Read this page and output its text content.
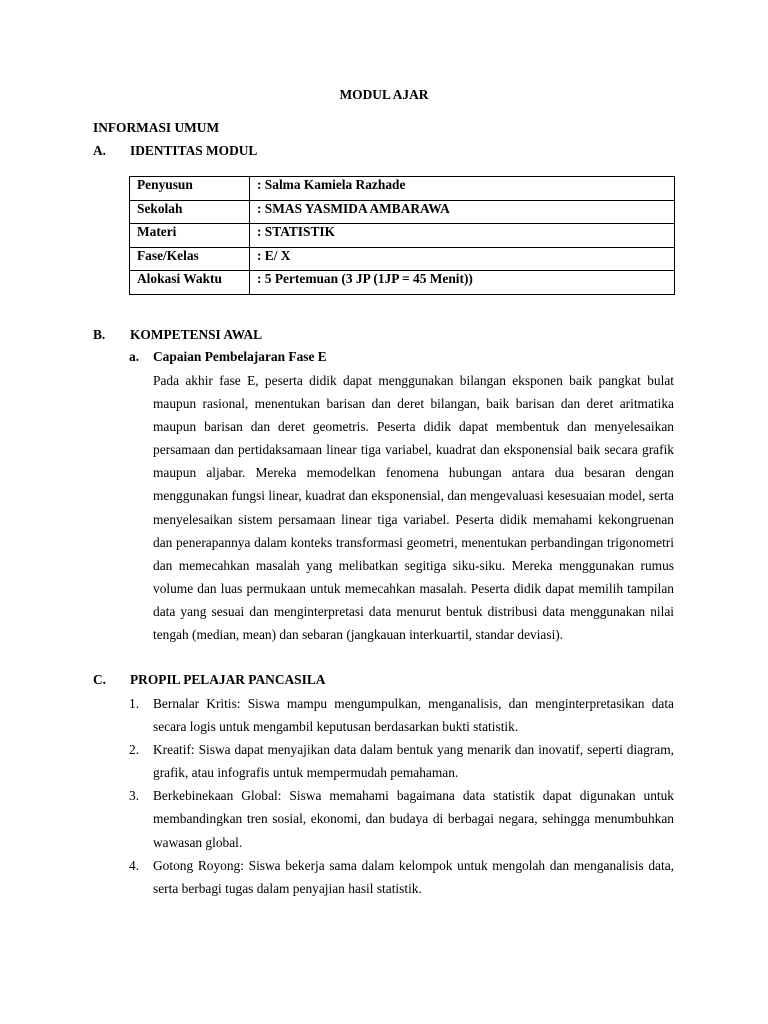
MODUL AJAR
INFORMASI UMUM
A. IDENTITAS MODUL
Penyusun	: Salma Kamiela Razhade
Sekolah	: SMAS YASMIDA AMBARAWA
Materi	: STATISTIK
Fase/Kelas	: E/ X
Alokasi Waktu	: 5 Pertemuan (3 JP (1JP = 45 Menit))
B. KOMPETENSI AWAL
a. Capaian Pembelajaran Fase E
Pada akhir fase E, peserta didik dapat menggunakan bilangan eksponen baik pangkat bulat maupun rasional, menentukan barisan dan deret bilangan, baik barisan dan deret aritmatika maupun barisan dan deret geometris. Peserta didik dapat membentuk dan menyelesaikan persamaan dan pertidaksamaan linear tiga variabel, kuadrat dan eksponensial baik secara grafik maupun aljabar. Mereka memodelkan fenomena hubungan antara dua besaran dengan menggunakan fungsi linear, kuadrat dan eksponensial, dan mengevaluasi kesesuaian model, serta menyelesaikan sistem persamaan linear tiga variabel. Peserta didik memahami kekongruenan dan penerapannya dalam konteks transformasi geometri, menentukan perbandingan trigonometri dan memecahkan masalah yang melibatkan segitiga siku-siku. Mereka menggunakan rumus volume dan luas permukaan untuk memecahkan masalah. Peserta didik dapat memilih tampilan data yang sesuai dan menginterpretasi data menurut bentuk distribusi data menggunakan nilai tengah (median, mean) dan sebaran (jangkauan interkuartil, standar deviasi).
C. PROPIL PELAJAR PANCASILA
1. Bernalar Kritis: Siswa mampu mengumpulkan, menganalisis, dan menginterpretasikan data secara logis untuk mengambil keputusan berdasarkan bukti statistik.
2. Kreatif: Siswa dapat menyajikan data dalam bentuk yang menarik dan inovatif, seperti diagram, grafik, atau infografis untuk mempermudah pemahaman.
3. Berkebinekaan Global: Siswa memahami bagaimana data statistik dapat digunakan untuk membandingkan tren sosial, ekonomi, dan budaya di berbagai negara, sehingga menumbuhkan wawasan global.
4. Gotong Royong: Siswa bekerja sama dalam kelompok untuk mengolah dan menganalisis data, serta berbagi tugas dalam penyajian hasil statistik.
